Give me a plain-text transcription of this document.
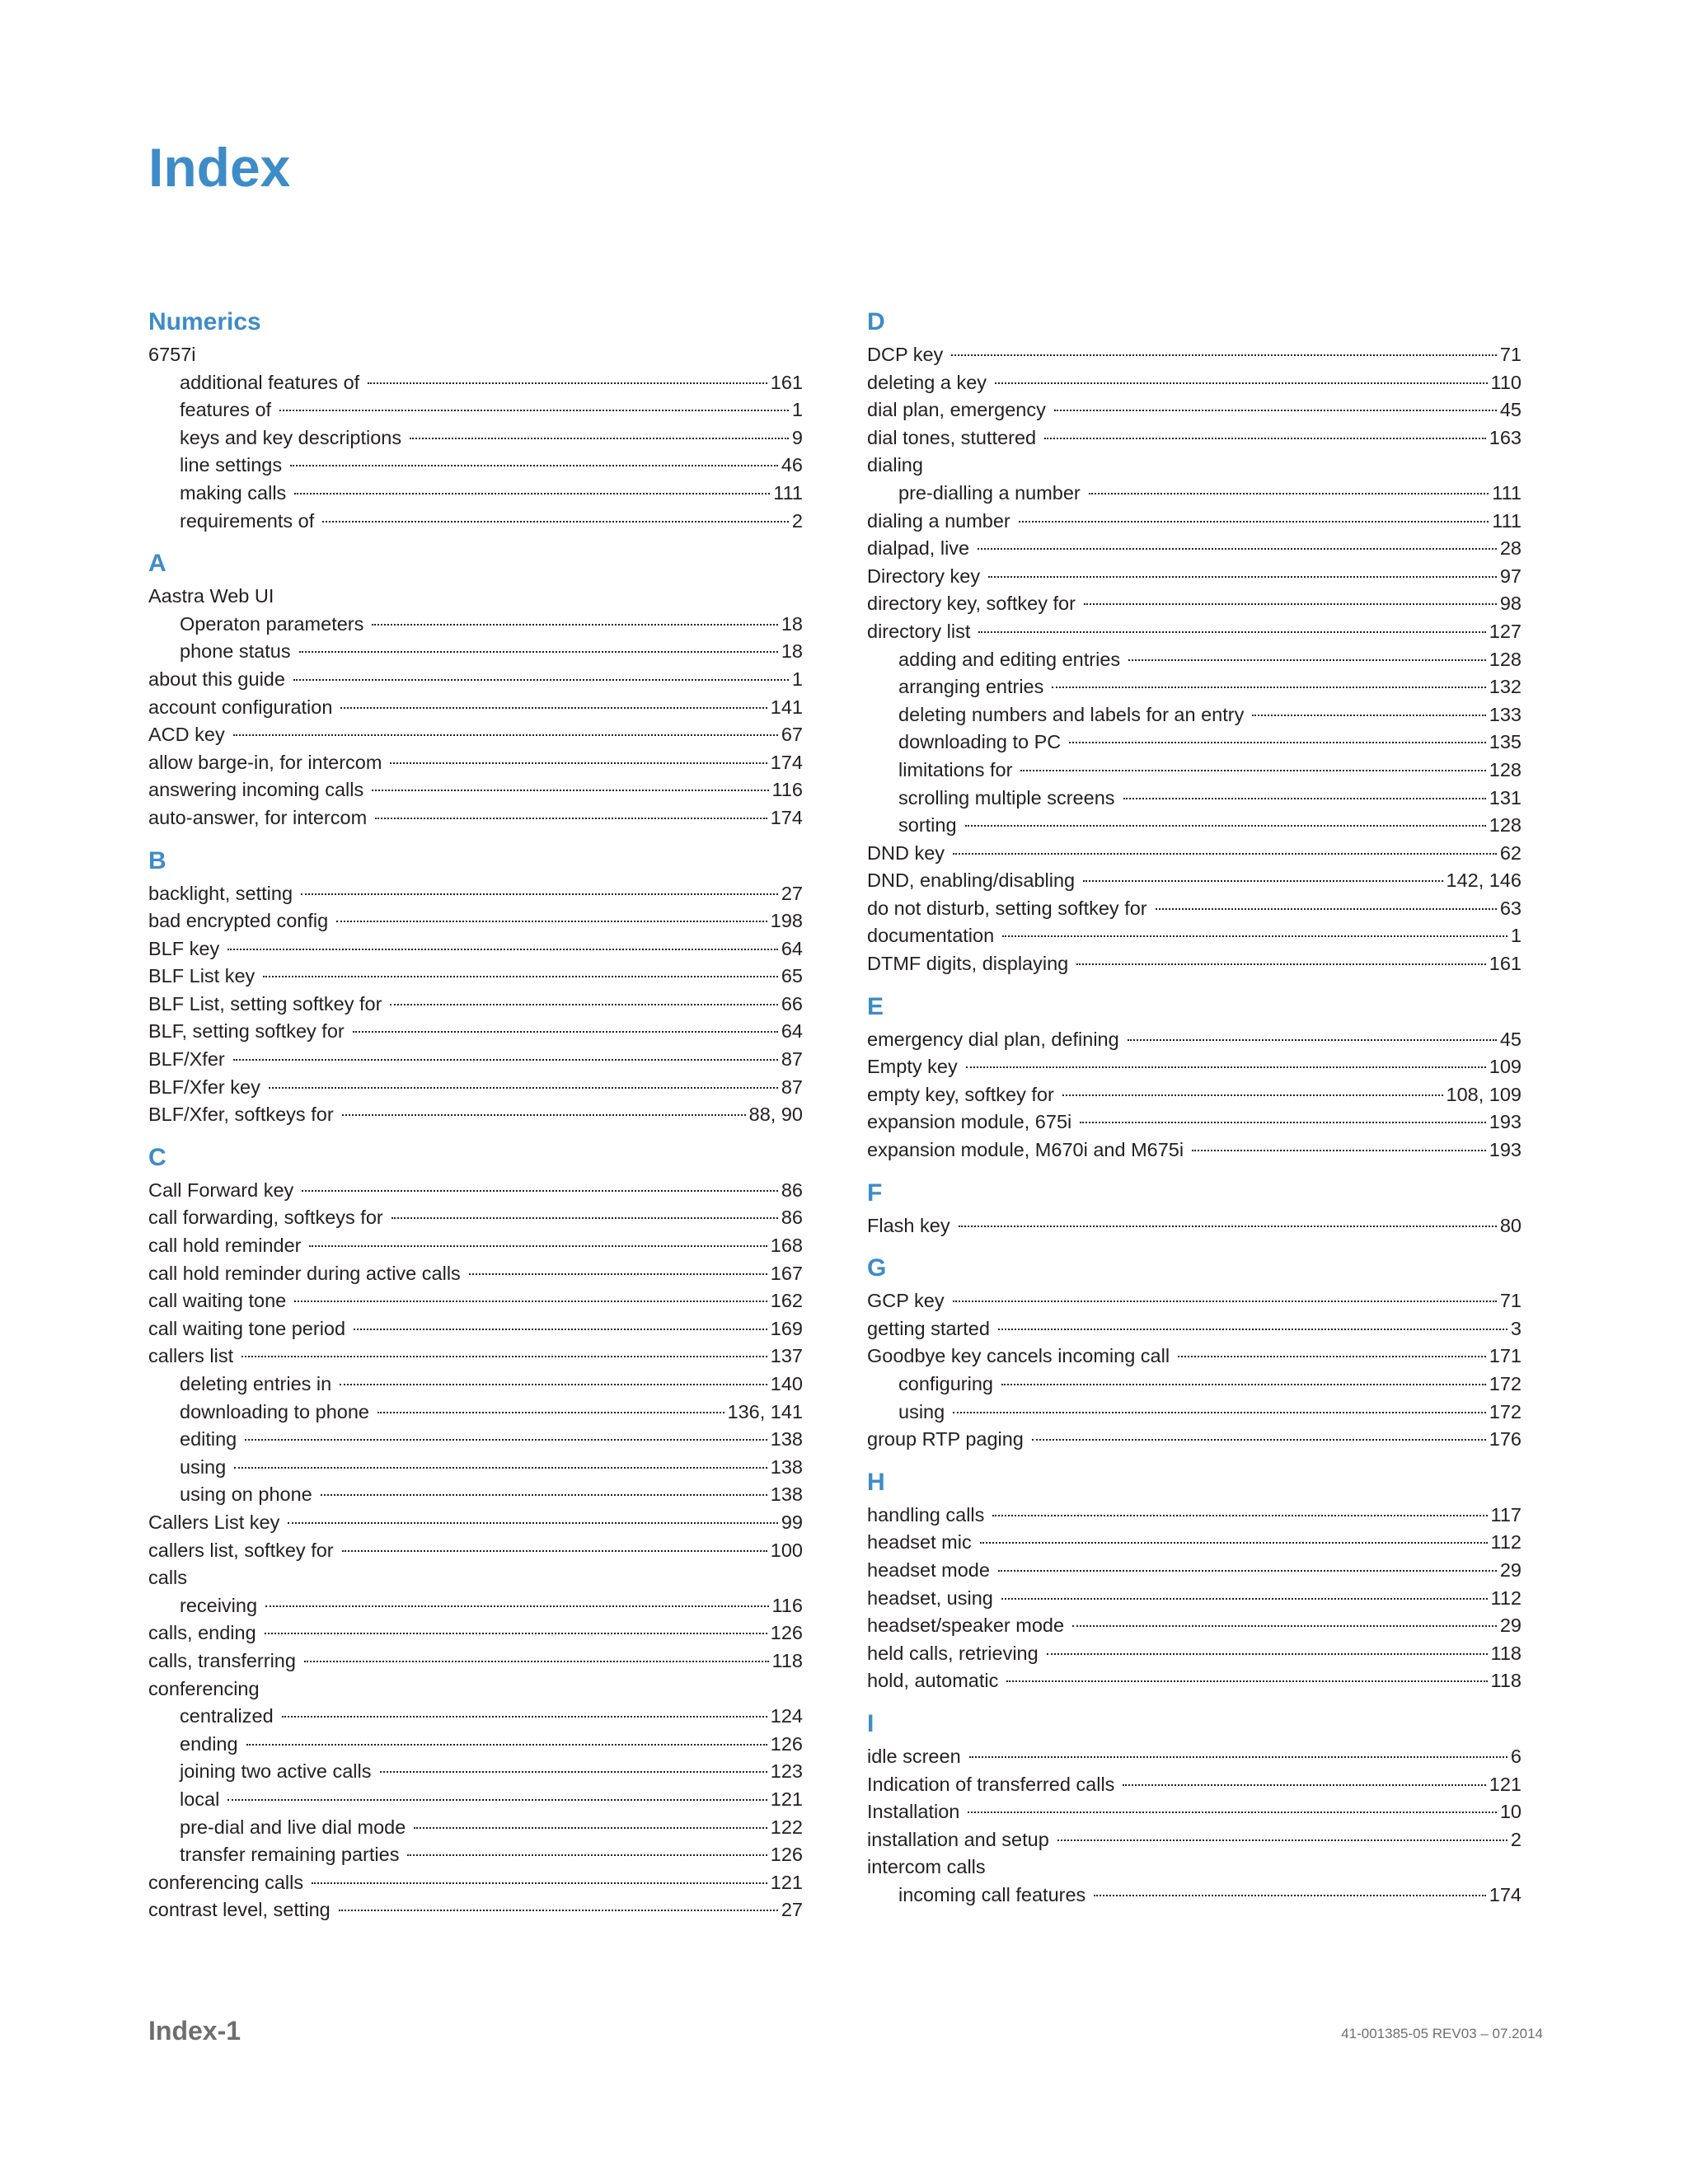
Index
Numerics
6757i
additional features of	161
features of	1
keys and key descriptions	9
line settings	46
making calls	111
requirements of	2
A
Aastra Web UI
Operaton parameters	18
phone status	18
about this guide	1
account configuration	141
ACD key	67
allow barge-in, for intercom	174
answering incoming calls	116
auto-answer, for intercom	174
B
backlight, setting	27
bad encrypted config	198
BLF key	64
BLF List key	65
BLF List, setting softkey for	66
BLF, setting softkey for	64
BLF/Xfer	87
BLF/Xfer key	87
BLF/Xfer, softkeys for	88, 90
C
Call Forward key	86
call forwarding, softkeys for	86
call hold reminder	168
call hold reminder during active calls	167
call waiting tone	162
call waiting tone period	169
callers list	137
deleting entries in	140
downloading to phone	136, 141
editing	138
using	138
using on phone	138
Callers List key	99
callers list, softkey for	100
calls
receiving	116
calls, ending	126
calls, transferring	118
conferencing
centralized	124
ending	126
joining two active calls	123
local	121
pre-dial and live dial mode	122
transfer remaining parties	126
conferencing calls	121
contrast level, setting	27
D
DCP key	71
deleting a key	110
dial plan, emergency	45
dial tones, stuttered	163
dialing
pre-dialling a number	111
dialing a number	111
dialpad, live	28
Directory key	97
directory key, softkey for	98
directory list	127
adding and editing entries	128
arranging entries	132
deleting numbers and labels for an entry	133
downloading to PC	135
limitations for	128
scrolling multiple screens	131
sorting	128
DND key	62
DND, enabling/disabling	142, 146
do not disturb, setting softkey for	63
documentation	1
DTMF digits, displaying	161
E
emergency dial plan, defining	45
Empty key	109
empty key, softkey for	108, 109
expansion module, 675i	193
expansion module, M670i and M675i	193
F
Flash key	80
G
GCP key	71
getting started	3
Goodbye key cancels incoming call	171
configuring	172
using	172
group RTP paging	176
H
handling calls	117
headset mic	112
headset mode	29
headset, using	112
headset/speaker mode	29
held calls, retrieving	118
hold, automatic	118
I
idle screen	6
Indication of transferred calls	121
Installation	10
installation and setup	2
intercom calls
incoming call features	174
Index-1	41-001385-05 REV03 – 07.2014
